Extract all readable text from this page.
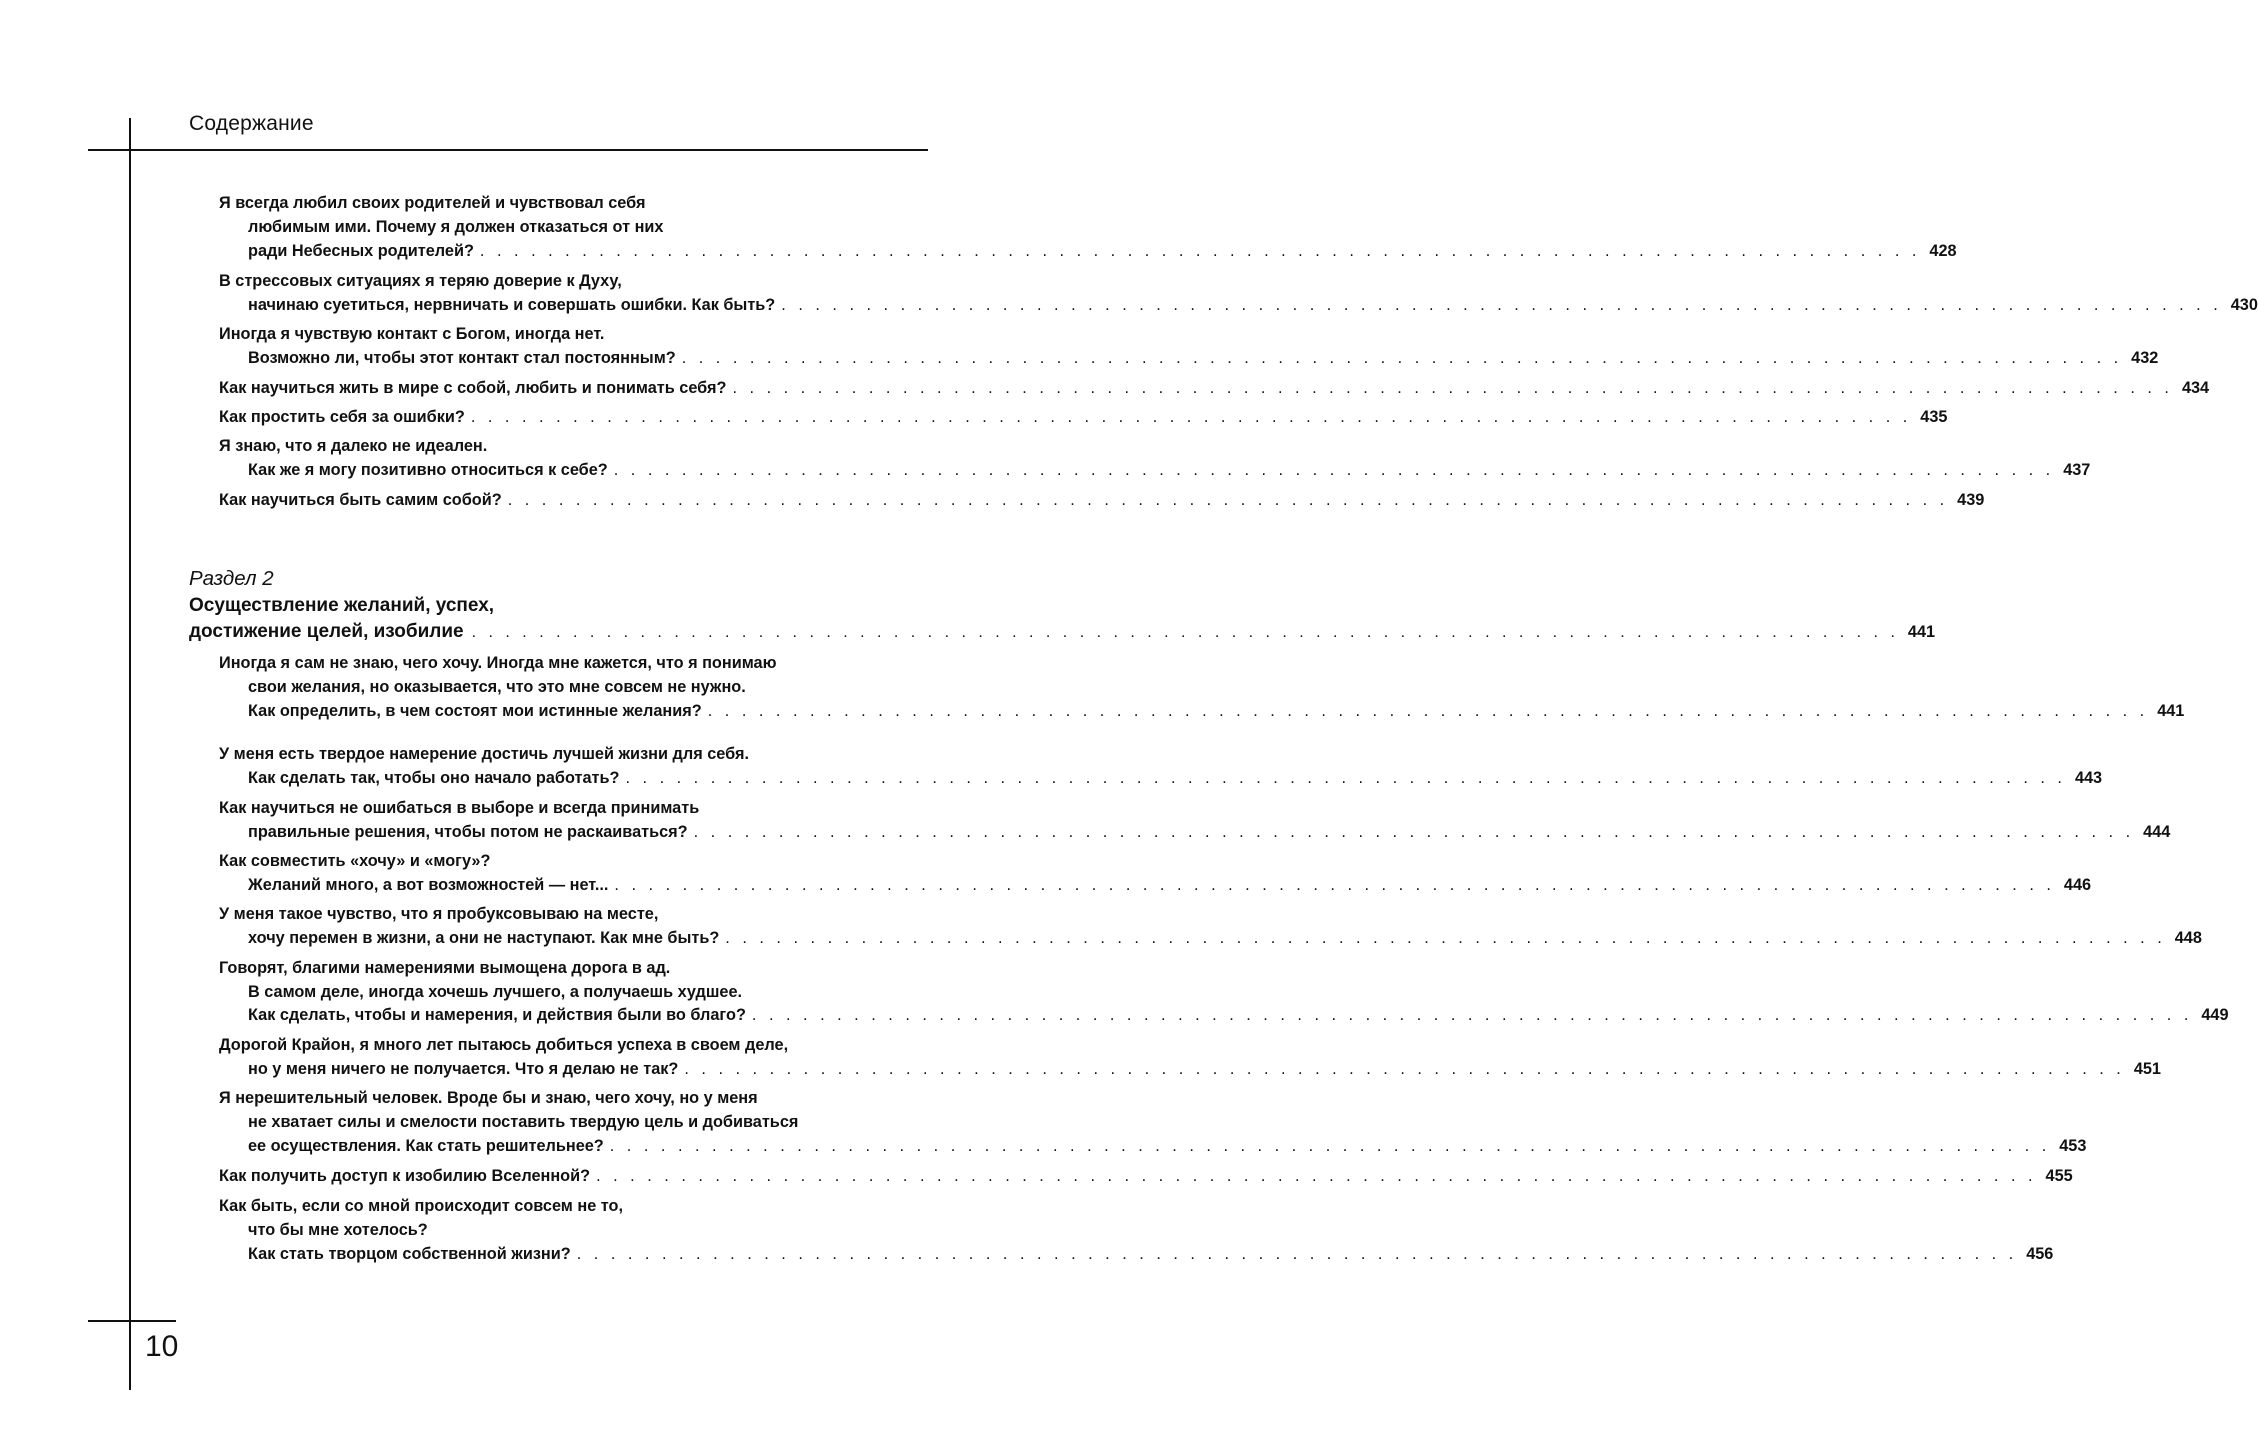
Содержание
10
Я всегда любил своих родителей и чувствовал себя
любимым ими. Почему я должен отказаться от них
ради Небесных родителей? . . . . . . . . . . . . . . . . . . . . . . . . . . . . . . . . . . . . . . . . . . . . . . . . . . . . . . . . . . . . . . . . . . . . . . . . . . . . . . . . . . . . . 428
В стрессовых ситуациях я теряю доверие к Духу,
начинаю суетиться, нервничать и совершать ошибки. Как быть? . . . . . . . . . . . . . . . . . . . . . . . . . . . . . . . . . . . . . . . . . . . . . . . . . . . . . . . . . . . . . . . . . . . . . . . . . . . . . . . . . . . . . 430
Иногда я чувствую контакт с Богом, иногда нет.
Возможно ли, чтобы этот контакт стал постоянным? . . . . . . . . . . . . . . . . . . . . . . . . . . . . . . . . . . . . . . . . . . . . . . . . . . . . . . . . . . . . . . . . . . . . . . . . . . . . . . . . . . . . . 432
Как научиться жить в мире с собой, любить и понимать себя? . . . . . . . . . . . . . . . . . . . . . . . . . . . . . . . . . . . . . . . . . . . . . . . . . . . . . . . . . . . . . . . . . . . . . . . . . . . . . . . . . . . . . 434
Как простить себя за ошибки? . . . . . . . . . . . . . . . . . . . . . . . . . . . . . . . . . . . . . . . . . . . . . . . . . . . . . . . . . . . . . . . . . . . . . . . . . . . . . . . . . . . . . 435
Я знаю, что я далеко не идеален.
Как же я могу позитивно относиться к себе? . . . . . . . . . . . . . . . . . . . . . . . . . . . . . . . . . . . . . . . . . . . . . . . . . . . . . . . . . . . . . . . . . . . . . . . . . . . . . . . . . . . . . 437
Как научиться быть самим собой? . . . . . . . . . . . . . . . . . . . . . . . . . . . . . . . . . . . . . . . . . . . . . . . . . . . . . . . . . . . . . . . . . . . . . . . . . . . . . . . . . . . . . 439
Раздел 2
Осуществление желаний, успех,
достижение целей, изобилие . . . . . . . . . . . . . . . . . . . . . . . . . . . . . . . . . . . . . . . . . . . . . . . . . . . . . . . . . . . . . . . . . . . . . . . . . . . . . . . . . . . . . 441
Иногда я сам не знаю, чего хочу. Иногда мне кажется, что я понимаю
свои желания, но оказывается, что это мне совсем не нужно.
Как определить, в чем состоят мои истинные желания? . . . . . . . . . . . . . . . . . . . . . . . . . . . . . . . . . . . . . . . . . . . . . . . . . . . . . . . . . . . . . . . . . . . . . . . . . . . . . . . . . . . . . 441
У меня есть твердое намерение достичь лучшей жизни для себя.
Как сделать так, чтобы оно начало работать? . . . . . . . . . . . . . . . . . . . . . . . . . . . . . . . . . . . . . . . . . . . . . . . . . . . . . . . . . . . . . . . . . . . . . . . . . . . . . . . . . . . . . 443
Как научиться не ошибаться в выборе и всегда принимать
правильные решения, чтобы потом не раскаиваться? . . . . . . . . . . . . . . . . . . . . . . . . . . . . . . . . . . . . . . . . . . . . . . . . . . . . . . . . . . . . . . . . . . . . . . . . . . . . . . . . . . . . . 444
Как совместить «хочу» и «могу»?
Желаний много, а вот возможностей — нет... . . . . . . . . . . . . . . . . . . . . . . . . . . . . . . . . . . . . . . . . . . . . . . . . . . . . . . . . . . . . . . . . . . . . . . . . . . . . . . . . . . . . . 446
У меня такое чувство, что я пробуксовываю на месте,
хочу перемен в жизни, а они не наступают. Как мне быть? . . . . . . . . . . . . . . . . . . . . . . . . . . . . . . . . . . . . . . . . . . . . . . . . . . . . . . . . . . . . . . . . . . . . . . . . . . . . . . . . . . . . . 448
Говорят, благими намерениями вымощена дорога в ад.
В самом деле, иногда хочешь лучшего, а получаешь худшее.
Как сделать, чтобы и намерения, и действия были во благо? . . . . . . . . . . . . . . . . . . . . . . . . . . . . . . . . . . . . . . . . . . . . . . . . . . . . . . . . . . . . . . . . . . . . . . . . . . . . . . . . . . . . . 449
Дорогой Крайон, я много лет пытаюсь добиться успеха в своем деле,
но у меня ничего не получается. Что я делаю не так? . . . . . . . . . . . . . . . . . . . . . . . . . . . . . . . . . . . . . . . . . . . . . . . . . . . . . . . . . . . . . . . . . . . . . . . . . . . . . . . . . . . . . 451
Я нерешительный человек. Вроде бы и знаю, чего хочу, но у меня
не хватает силы и смелости поставить твердую цель и добиваться
ее осуществления. Как стать решительнее? . . . . . . . . . . . . . . . . . . . . . . . . . . . . . . . . . . . . . . . . . . . . . . . . . . . . . . . . . . . . . . . . . . . . . . . . . . . . . . . . . . . . . 453
Как получить доступ к изобилию Вселенной? . . . . . . . . . . . . . . . . . . . . . . . . . . . . . . . . . . . . . . . . . . . . . . . . . . . . . . . . . . . . . . . . . . . . . . . . . . . . . . . . . . . . . 455
Как быть, если со мной происходит совсем не то,
что бы мне хотелось?
Как стать творцом собственной жизни? . . . . . . . . . . . . . . . . . . . . . . . . . . . . . . . . . . . . . . . . . . . . . . . . . . . . . . . . . . . . . . . . . . . . . . . . . . . . . . . . . . . . . 456
